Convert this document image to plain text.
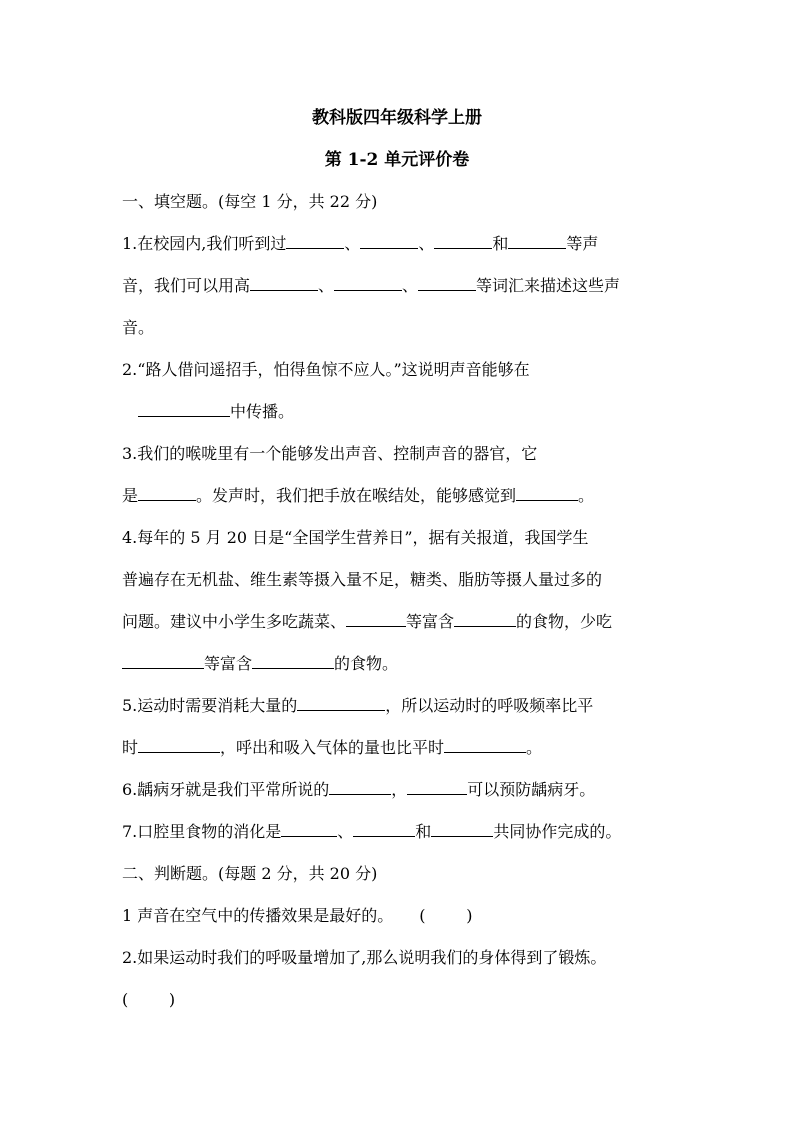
教科版四年级科学上册
第 1-2 单元评价卷
一、填空题。(每空 1 分，共 22 分)
1.在校园内,我们听到过	、	、	和	等声
音，我们可以用高	、	、	等词汇来描述这些声
音。
2.“路人借问遥招手，怕得鱼惊不应人。”这说明声音能够在
中传播。
3.我们的喉咙里有一个能够发出声音、控制声音的器官，它
是	。发声时，我们把手放在喉结处，能够感觉到	。
4.每年的 5 月 20 日是“全国学生营养日”，据有关报道，我国学生
普遍存在无机盐、维生素等摄入量不足，糖类、脂肪等摄人量过多的
问题。建议中小学生多吃蔬菜、	等富含	的食物，少吃
等富含	的食物。
5.运动时需要消耗大量的	，所以运动时的呼吸频率比平
时	，呼出和吸入气体的量也比平时	。
6.龋病牙就是我们平常所说的	，	可以预防龋病牙。
7.口腔里食物的消化是	、	和	共同协作完成的。
二、判断题。(每题 2 分，共 20 分)
1 声音在空气中的传播效果是最好的。 (        )
2.如果运动时我们的呼吸量增加了,那么说明我们的身体得到了锻炼。
(        )
